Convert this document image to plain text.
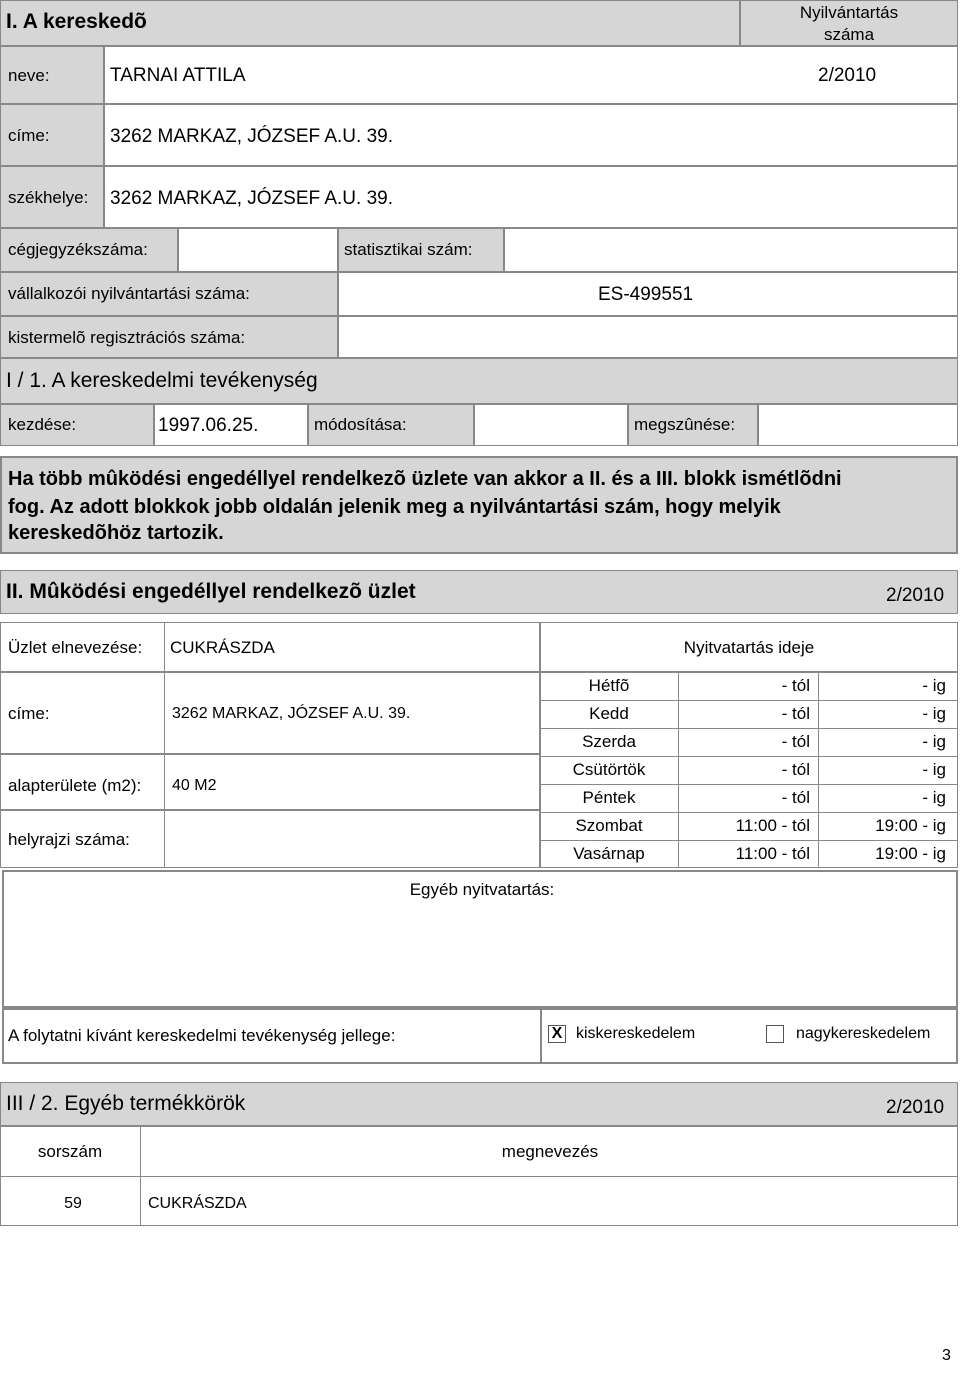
I. A kereskedõ	Nyilvántartás
száma
neve:	TARNAI ATTILA	2/2010
címe:	3262 MARKAZ, JÓZSEF A.U. 39.
székhelye: 3262 MARKAZ, JÓZSEF A.U. 39.
cégjegyzékszáma:	statisztikai szám:
vállalkozói nyilvántartási száma:	ES-499551
kistermelõ regisztrációs száma:
I / 1. A kereskedelmi tevékenység
kezdése:	1997.06.25.	módosítása:	megszûnése:
Ha több mûködési engedéllyel rendelkezõ üzlete van akkor a II. és a III. blokk ismétlõdni
fog. Az adott blokkok jobb oldalán jelenik meg a nyilvántartási szám, hogy melyik
kereskedõhöz tartozik.
II. Mûködési engedéllyel rendelkezõ üzlet	2/2010
Üzlet elnevezése: CUKRÁSZDA	Nyitvatartás ideje
címe:	3262 MARKAZ, JÓZSEF A.U. 39.
alapterülete (m2): 40 M2
helyrajzi száma:
Hétfõ	- tól	- ig
Kedd	- tól	- ig
Szerda	- tól	- ig
Csütörtök	- tól	- ig
Péntek	- tól	- ig
Szombat	11:00 - tól	19:00 - ig
Vasárnap	11:00 - tól	19:00 - ig
Egyéb nyitvatartás:
A folytatni kívánt kereskedelmi tevékenység jellege:	X kiskereskedelem	nagykereskedelem
III / 2. Egyéb termékkörök	2/2010
sorszám	megnevezés
59	CUKRÁSZDA
3
